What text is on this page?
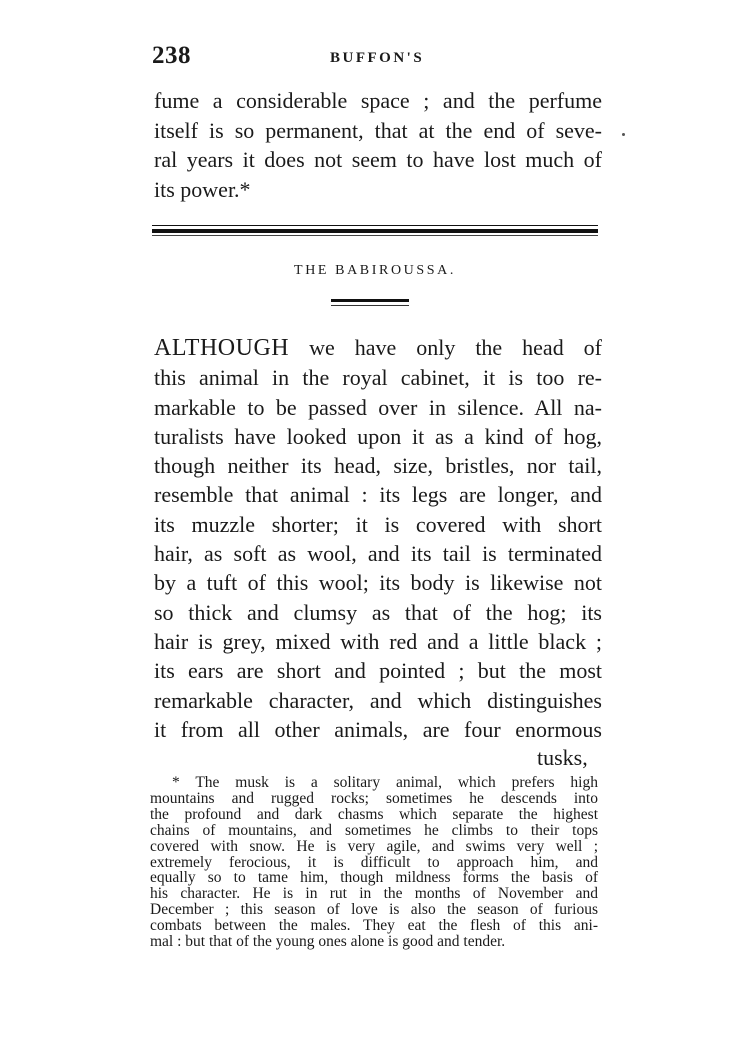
238	BUFFON'S
fume a considerable space ; and the perfume
itself is so permanent, that at the end of seve-
ral years it does not seem to have lost much of
its power.*
THE BABIROUSSA.
ALTHOUGH we have only the head of
this animal in the royal cabinet, it is too re-
markable to be passed over in silence. All na-
turalists have looked upon it as a kind of hog,
though neither its head, size, bristles, nor tail,
resemble that animal : its legs are longer, and
its muzzle shorter; it is covered with short
hair, as soft as wool, and its tail is terminated
by a tuft of this wool; its body is likewise not
so thick and clumsy as that of the hog; its
hair is grey, mixed with red and a little black ;
its ears are short and pointed ; but the most
remarkable character, and which distinguishes
it from all other animals, are four enormous
tusks,
* The musk is a solitary animal, which prefers high
mountains and rugged rocks; sometimes he descends into
the profound and dark chasms which separate the highest
chains of mountains, and sometimes he climbs to their tops
covered with snow. He is very agile, and swims very well ;
extremely ferocious, it is difficult to approach him, and
equally so to tame him, though mildness forms the basis of
his character. He is in rut in the months of November and
December ; this season of love is also the season of furious
combats between the males. They eat the flesh of this ani-
mal : but that of the young ones alone is good and tender.
